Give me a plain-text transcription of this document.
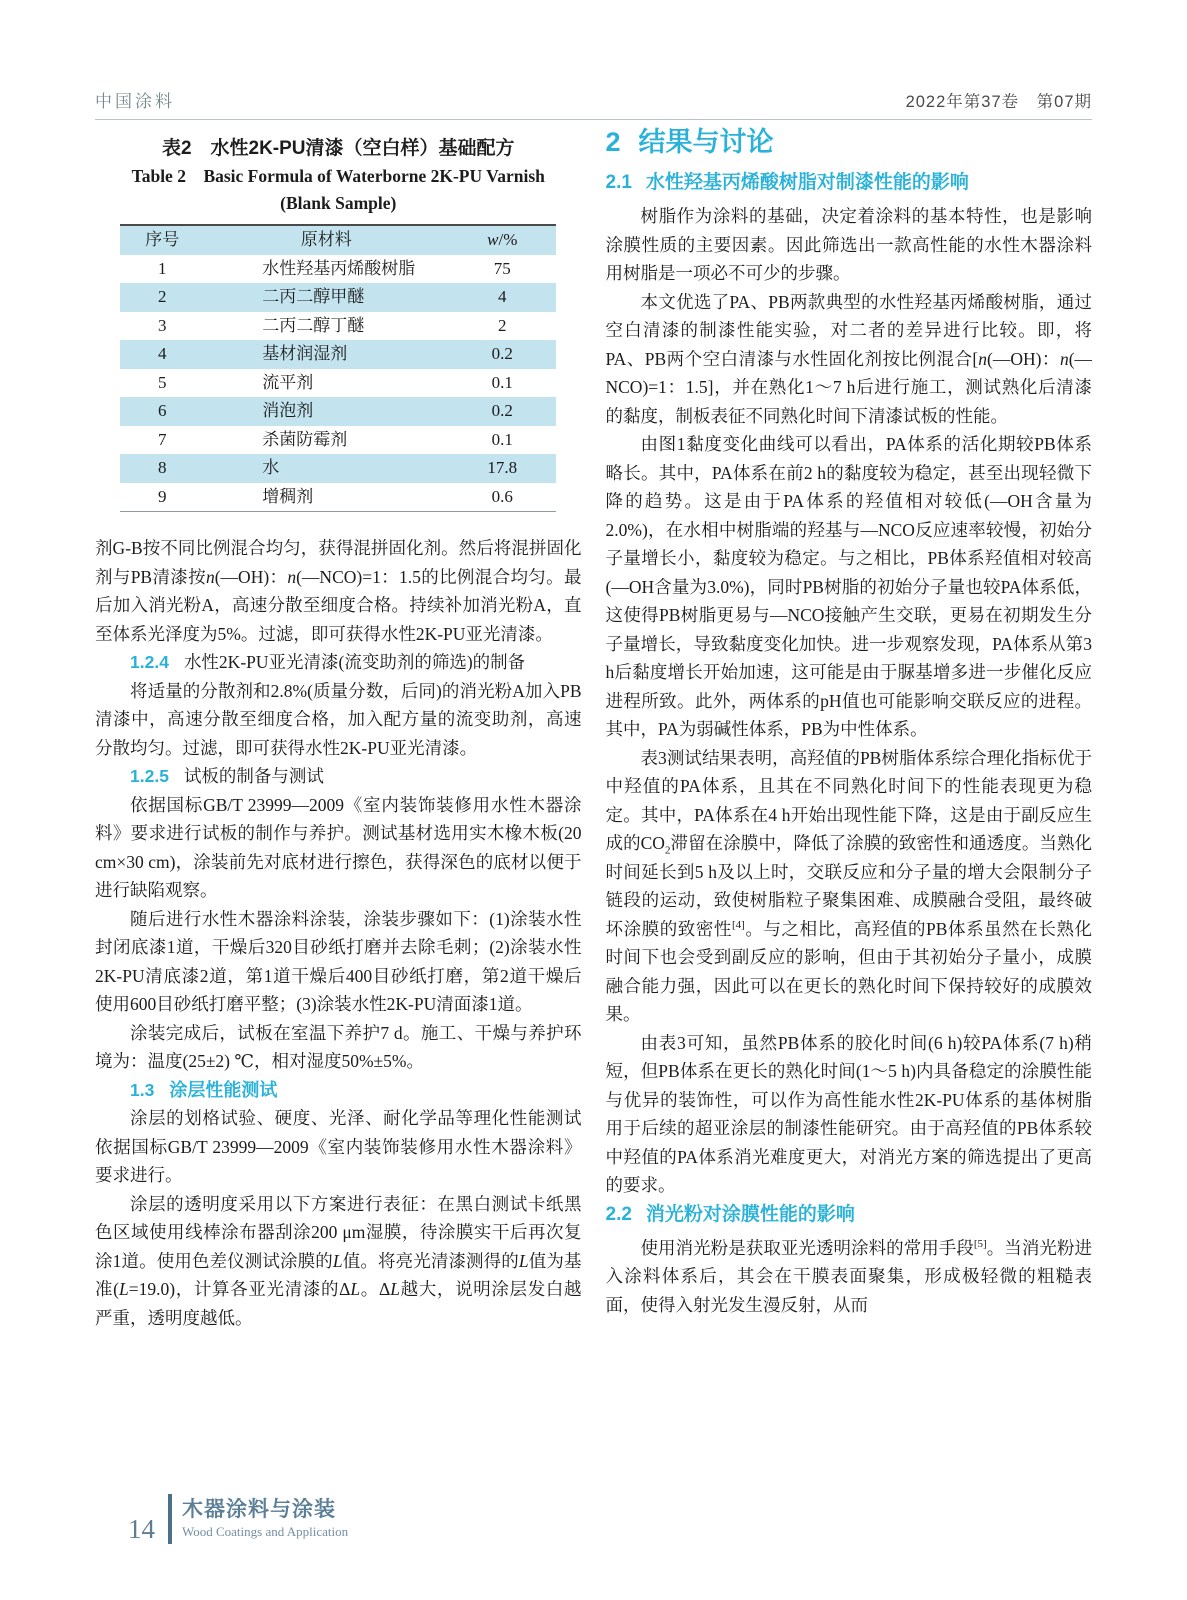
中国涂料	2022年第37卷　第07期
表2　水性2K-PU清漆（空白样）基础配方
Table 2　Basic Formula of Waterborne 2K-PU Varnish
(Blank Sample)
序号	原材料	w/%
1	水性羟基丙烯酸树脂	75
2	二丙二醇甲醚	4
3	二丙二醇丁醚	2
4	基材润湿剂	0.2
5	流平剂	0.1
6	消泡剂	0.2
7	杀菌防霉剂	0.1
8	水	17.8
9	增稠剂	0.6

剂G-B按不同比例混合均匀，获得混拼固化剂。然后将混拼固化剂与PB清漆按n(—OH)：n(—NCO)=1：1.5的比例混合均匀。最后加入消光粉A，高速分散至细度合格。持续补加消光粉A，直至体系光泽度为5%。过滤，即可获得水性2K-PU亚光清漆。

1.2.4 水性2K-PU亚光清漆(流变助剂的筛选)的制备

将适量的分散剂和2.8%(质量分数，后同)的消光粉A加入PB清漆中，高速分散至细度合格，加入配方量的流变助剂，高速分散均匀。过滤，即可获得水性2K-PU亚光清漆。

1.2.5 试板的制备与测试

依据国标GB/T 23999—2009《室内装饰装修用水性木器涂料》要求进行试板的制作与养护。测试基材选用实木橡木板(20 cm×30 cm)，涂装前先对底材进行擦色，获得深色的底材以便于进行缺陷观察。

随后进行水性木器涂料涂装，涂装步骤如下：(1)涂装水性封闭底漆1道，干燥后320目砂纸打磨并去除毛刺；(2)涂装水性2K-PU清底漆2道，第1道干燥后400目砂纸打磨，第2道干燥后使用600目砂纸打磨平整；(3)涂装水性2K-PU清面漆1道。

涂装完成后，试板在室温下养护7 d。施工、干燥与养护环境为：温度(25±2) ℃，相对湿度50%±5%。

1.3 涂层性能测试

涂层的划格试验、硬度、光泽、耐化学品等理化性能测试依据国标GB/T 23999—2009《室内装饰装修用水性木器涂料》要求进行。

涂层的透明度采用以下方案进行表征：在黑白测试卡纸黑色区域使用线棒涂布器刮涂200 μm湿膜，待涂膜实干后再次复涂1道。使用色差仪测试涂膜的L值。将亮光清漆测得的L值为基准(L=19.0)，计算各亚光清漆的ΔL。ΔL越大，说明涂层发白越严重，透明度越低。

2 结果与讨论
2.1 水性羟基丙烯酸树脂对制漆性能的影响

树脂作为涂料的基础，决定着涂料的基本特性，也是影响涂膜性质的主要因素。因此筛选出一款高性能的水性木器涂料用树脂是一项必不可少的步骤。

本文优选了PA、PB两款典型的水性羟基丙烯酸树脂，通过空白清漆的制漆性能实验，对二者的差异进行比较。即，将PA、PB两个空白清漆与水性固化剂按比例混合[n(—OH)：n(—NCO)=1：1.5]，并在熟化1～7 h后进行施工，测试熟化后清漆的黏度，制板表征不同熟化时间下清漆试板的性能。

由图1黏度变化曲线可以看出，PA体系的活化期较PB体系略长。其中，PA体系在前2 h的黏度较为稳定，甚至出现轻微下降的趋势。这是由于PA体系的羟值相对较低(—OH含量为2.0%)，在水相中树脂端的羟基与—NCO反应速率较慢，初始分子量增长小，黏度较为稳定。与之相比，PB体系羟值相对较高(—OH含量为3.0%)，同时PB树脂的初始分子量也较PA体系低，这使得PB树脂更易与—NCO接触产生交联，更易在初期发生分子量增长，导致黏度变化加快。进一步观察发现，PA体系从第3 h后黏度增长开始加速，这可能是由于脲基增多进一步催化反应进程所致。此外，两体系的pH值也可能影响交联反应的进程。其中，PA为弱碱性体系，PB为中性体系。

表3测试结果表明，高羟值的PB树脂体系综合理化指标优于中羟值的PA体系，且其在不同熟化时间下的性能表现更为稳定。其中，PA体系在4 h开始出现性能下降，这是由于副反应生成的$CO_2$滞留在涂膜中，降低了涂膜的致密性和通透度。当熟化时间延长到5 h及以上时，交联反应和分子量的增大会限制分子链段的运动，致使树脂粒子聚集困难、成膜融合受阻，最终破坏涂膜的致密性[4]。与之相比，高羟值的PB体系虽然在长熟化时间下也会受到副反应的影响，但由于其初始分子量小，成膜融合能力强，因此可以在更长的熟化时间下保持较好的成膜效果。

由表3可知，虽然PB体系的胶化时间(6 h)较PA体系(7 h)稍短，但PB体系在更长的熟化时间(1～5 h)内具备稳定的涂膜性能与优异的装饰性，可以作为高性能水性2K-PU体系的基体树脂用于后续的超亚涂层的制漆性能研究。由于高羟值的PB体系较中羟值的PA体系消光难度更大，对消光方案的筛选提出了更高的要求。

2.2 消光粉对涂膜性能的影响

使用消光粉是获取亚光透明涂料的常用手段[5]。当消光粉进入涂料体系后，其会在干膜表面聚集，形成极轻微的粗糙表面，使得入射光发生漫反射，从而

14
木器涂料与涂装
Wood Coatings and Application
